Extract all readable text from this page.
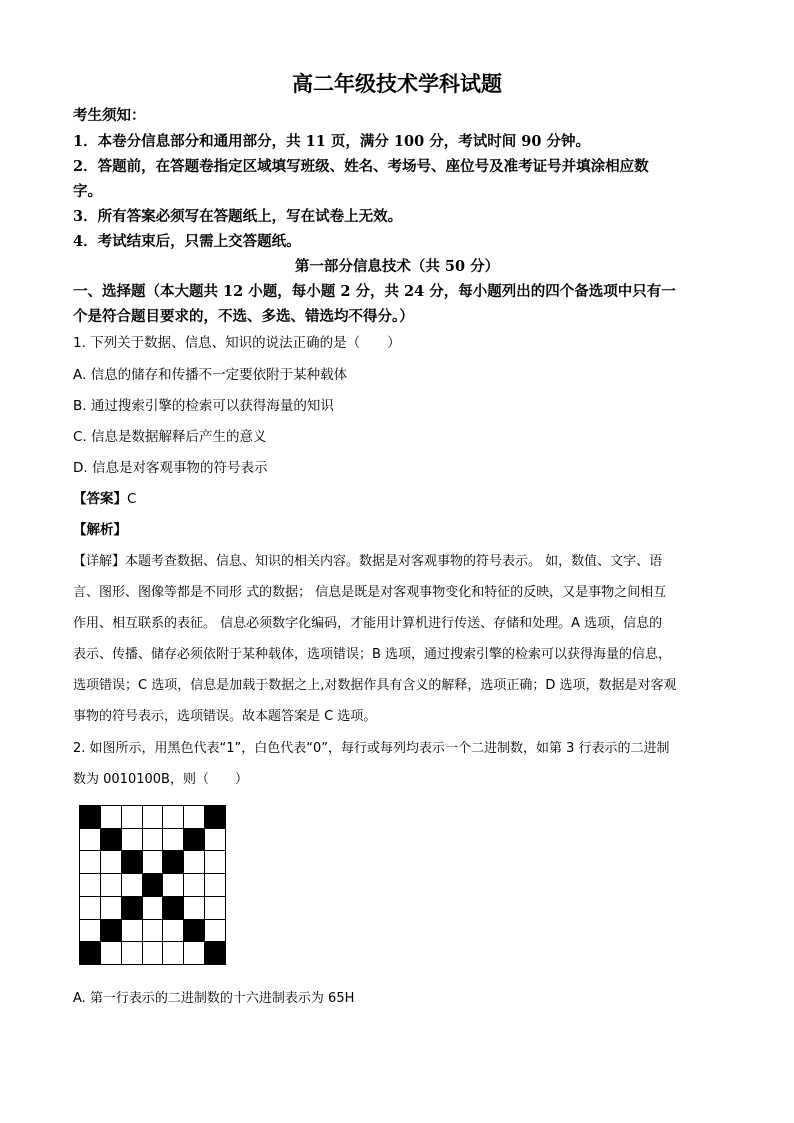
高二年级技术学科试题
考生须知：
1．本卷分信息部分和通用部分，共 11 页，满分 100 分，考试时间 90 分钟。
2．答题前，在答题卷指定区域填写班级、姓名、考场号、座位号及准考证号并填涂相应数
字。
3．所有答案必须写在答题纸上，写在试卷上无效。
4．考试结束后，只需上交答题纸。
第一部分信息技术（共 50 分）
一、选择题（本大题共 12 小题，每小题 2 分，共 24 分，每小题列出的四个备选项中只有一
个是符合题目要求的，不选、多选、错选均不得分。）
1. 下列关于数据、信息、知识的说法正确的是（　　）
A. 信息的储存和传播不一定要依附于某种载体
B. 通过搜索引擎的检索可以获得海量的知识
C. 信息是数据解释后产生的意义
D. 信息是对客观事物的符号表示
【答案】C
【解析】
【详解】本题考查数据、信息、知识的相关内容。数据是对客观事物的符号表示。 如，数值、文字、语
言、图形、图像等都是不同形 式的数据； 信息是既是对客观事物变化和特征的反映，又是事物之间相互
作用、相互联系的表征。 信息必须数字化编码，才能用计算机进行传送、存储和处理。A 选项，信息的
表示、传播、储存必须依附于某种载体，选项错误；B 选项，通过搜索引擎的检索可以获得海量的信息，
选项错误；C 选项，信息是加载于数据之上,对数据作具有含义的解释，选项正确；D 选项，数据是对客观
事物的符号表示，选项错误。故本题答案是 C 选项。
2. 如图所示，用黑色代表“1”，白色代表“0”，每行或每列均表示一个二进制数，如第 3 行表示的二进制
数为 0010100B，则（　　）
A. 第一行表示的二进制数的十六进制表示为 65H
